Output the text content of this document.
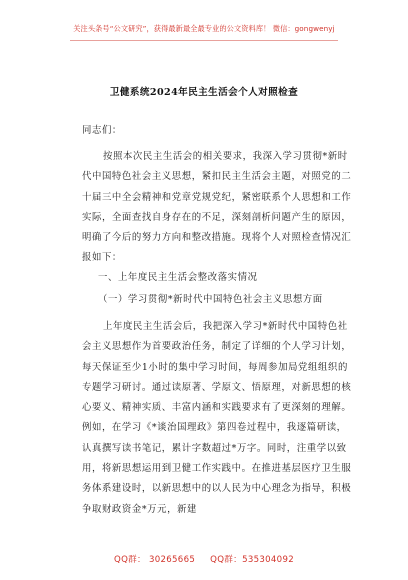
关注头条号“公文研究”，获得最新最全最专业的公文资料库！ 微信：gongwenyj
卫健系统2024年民主生活会个人对照检查
同志们：
按照本次民主生活会的相关要求，我深入学习贯彻*新时代中国特色社会主义思想，紧扣民主生活会主题，对照党的二十届三中全会精神和党章党规党纪，紧密联系个人思想和工作实际，全面查找自身存在的不足，深刻剖析问题产生的原因，明确了今后的努力方向和整改措施。现将个人对照检查情况汇报如下：
一、上年度民主生活会整改落实情况
（一）学习贯彻*新时代中国特色社会主义思想方面
上年度民主生活会后，我把深入学习*新时代中国特色社会主义思想作为首要政治任务，制定了详细的个人学习计划，每天保证至少1小时的集中学习时间，每周参加局党组组织的专题学习研讨。通过读原著、学原文、悟原理，对新思想的核心要义、精神实质、丰富内涵和实践要求有了更深刻的理解。例如，在学习《*谈治国理政》第四卷过程中，我逐篇研读，认真撰写读书笔记，累计字数超过*万字。同时，注重学以致用，将新思想运用到卫健工作实践中。在推进基层医疗卫生服务体系建设时，以新思想中的以人民为中心理念为指导，积极争取财政资金*万元，新建
QQ群： 30265665 QQ群：535304092
